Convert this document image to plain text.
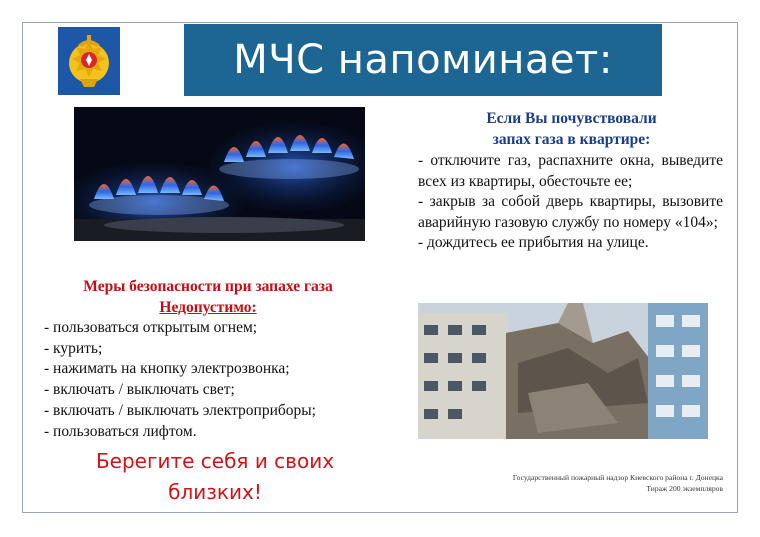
МЧС напоминает:
Если Вы почувствовали
запах газа в квартире:

- отключите газ, распахните окна, выведите всех из квартиры, обесточьте ее;

- закрыв за собой дверь квартиры, вызовите аварийную газовую службу по номеру «104»;

- дождитесь ее прибытия на улице.

Меры безопасности при запахе газа
Недопустимо:
- пользоваться открытым огнем;
- курить;
- нажимать на кнопку электрозвонка;
- включать / выключать свет;
- включать / выключать электроприборы;
- пользоваться лифтом.
Берегите себя и своих
близких!
Государственный пожарный надзор Киевского района г. Донецка
Тираж 200 экземпляров
